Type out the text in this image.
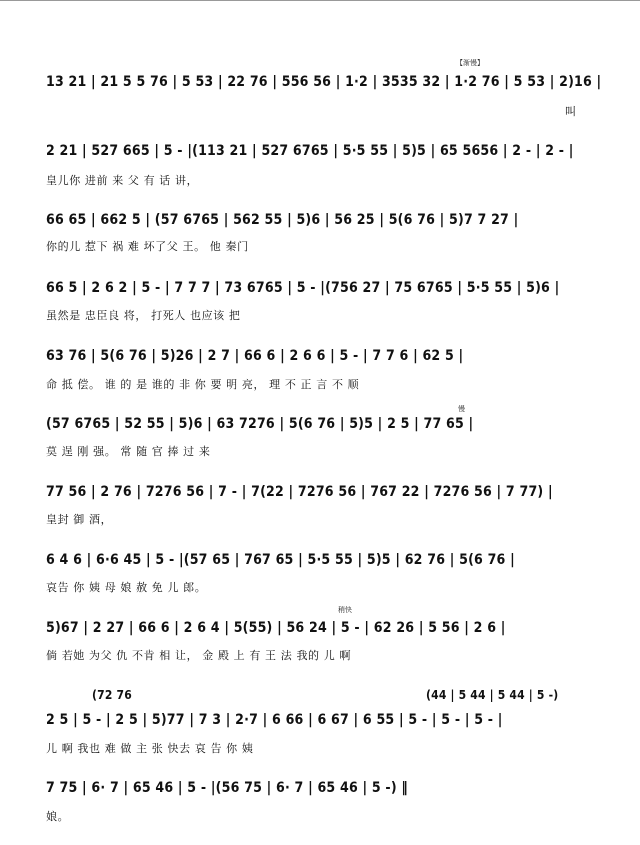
【渐慢】
13 21 | 21 5 5 76 | 5 53 | 22 76 | 556 56 | 1·2 | 3535 32 | 1·2 76 | 5 53 | 2)16 |
叫
2 21 | 527 665 | 5 - |(113 21 | 527 6765 | 5·5 55 | 5)5 | 65 5656 | 2 - | 2 - |
皇儿你 进前 来 父 有 话 讲，
66 65 | 662 5 | (57 6765 | 562 55 | 5)6 | 56 25 | 5(6 76 | 5)7 7 27 |
你的儿 惹下 祸 难 坏了父 王。 他 秦门
66 5 | 2 6 2 | 5 - | 7 7 7 | 73 6765 | 5 - |(756 27 | 75 6765 | 5·5 55 | 5)6 |
虽然是 忠臣良 将， 打死人 也应该 把
63 76 | 5(6 76 | 5)26 | 2 7 | 66 6 | 2 6 6 | 5 - | 7 7 6 | 62 5 |
命 抵 偿。 谁 的 是 谁的 非 你 要 明 亮， 理 不 正 言 不 顺
慢
(57 6765 | 52 55 | 5)6 | 63 7276 | 5(6 76 | 5)5 | 2 5 | 77 65 |
莫 逞 刚 强。 常 随 官 捧 过 来
77 56 | 2 76 | 7276 56 | 7 - | 7(22 | 7276 56 | 767 22 | 7276 56 | 7 77) |
皇封 御 酒，
6 4 6 | 6·6 45 | 5 - |(57 65 | 767 65 | 5·5 55 | 5)5 | 62 76 | 5(6 76 |
哀告 你 姨 母 娘 赦 免 儿 郎。
稍快
5)67 | 2 27 | 66 6 | 2 6 4 | 5(55) | 56 24 | 5 - | 62 26 | 5 56 | 2 6 |
倘 若她 为父 仇 不肯 相 让， 金 殿 上 有 王 法 我的 儿 啊
(72 76	(44 | 5 44 | 5 44 | 5 -)
2 5 | 5 - | 2 5 | 5)77 | 7 3 | 2·7 | 6 66 | 6 67 | 6 55 | 5 - | 5 - | 5 - |
儿 啊 我也 难 做 主 张 快去 哀 告 你 姨
7 75 | 6· 7 | 65 46 | 5 - |(56 75 | 6· 7 | 65 46 | 5 -) ‖
娘。
